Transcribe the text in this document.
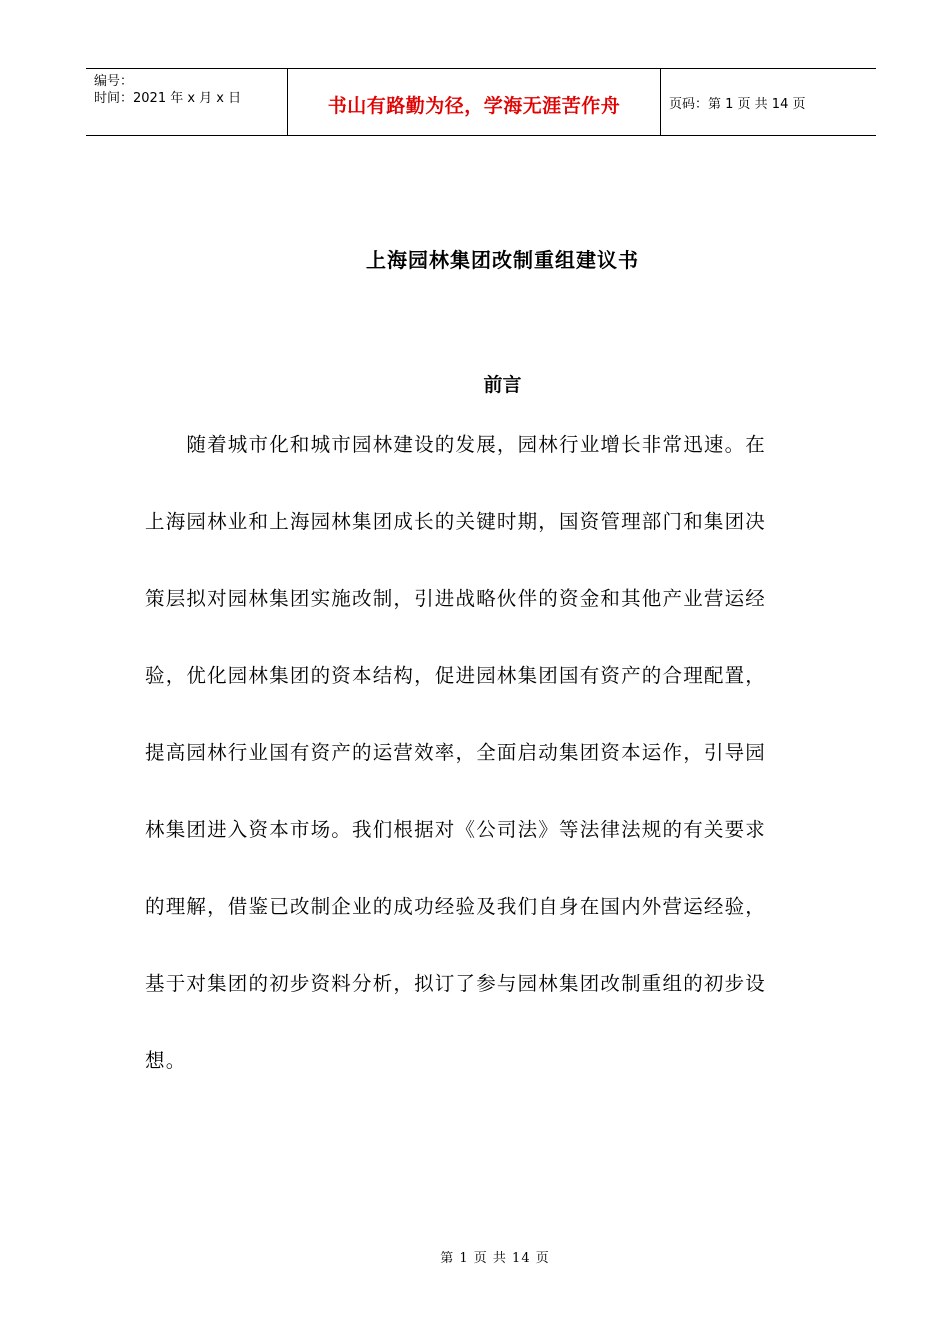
编号：
时间：2021 年 x 月 x 日	书山有路勤为径，学海无涯苦作舟	页码：第 1 页 共 14 页
上海园林集团改制重组建议书
前言
　　随着城市化和城市园林建设的发展，园林行业增长非常迅速。在
上海园林业和上海园林集团成长的关键时期，国资管理部门和集团决
策层拟对园林集团实施改制，引进战略伙伴的资金和其他产业营运经
验，优化园林集团的资本结构，促进园林集团国有资产的合理配置，
提高园林行业国有资产的运营效率，全面启动集团资本运作，引导园
林集团进入资本市场。我们根据对《公司法》等法律法规的有关要求
的理解，借鉴已改制企业的成功经验及我们自身在国内外营运经验，
基于对集团的初步资料分析，拟订了参与园林集团改制重组的初步设
想。
第 1 页 共 14 页
